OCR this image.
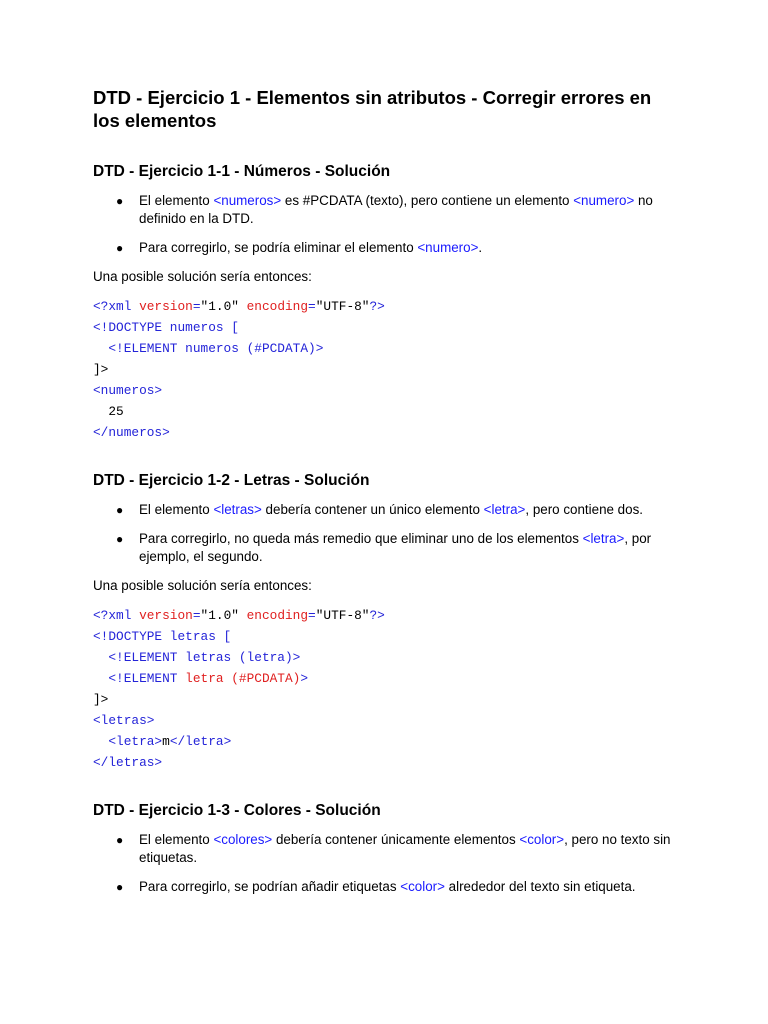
DTD - Ejercicio 1 - Elementos sin atributos - Corregir errores en los elementos
DTD - Ejercicio 1-1 - Números - Solución
● El elemento <numeros> es #PCDATA (texto), pero contiene un elemento <numero> no definido en la DTD.
● Para corregirlo, se podría eliminar el elemento <numero>.
Una posible solución sería entonces:
<?xml version="1.0" encoding="UTF-8"?>
<!DOCTYPE numeros [
<!ELEMENT numeros (#PCDATA)>
]>
<numeros>
25
</numeros>
DTD - Ejercicio 1-2 - Letras - Solución
● El elemento <letras> debería contener un único elemento <letra>, pero contiene dos.
● Para corregirlo, no queda más remedio que eliminar uno de los elementos <letra>, por ejemplo, el segundo.
Una posible solución sería entonces:
<?xml version="1.0" encoding="UTF-8"?>
<!DOCTYPE letras [
<!ELEMENT letras (letra)>
<!ELEMENT letra (#PCDATA)>
]>
<letras>
<letra>m</letra>
</letras>
DTD - Ejercicio 1-3 - Colores - Solución
● El elemento <colores> debería contener únicamente elementos <color>, pero no texto sin etiquetas.
● Para corregirlo, se podrían añadir etiquetas <color> alrededor del texto sin etiqueta.
